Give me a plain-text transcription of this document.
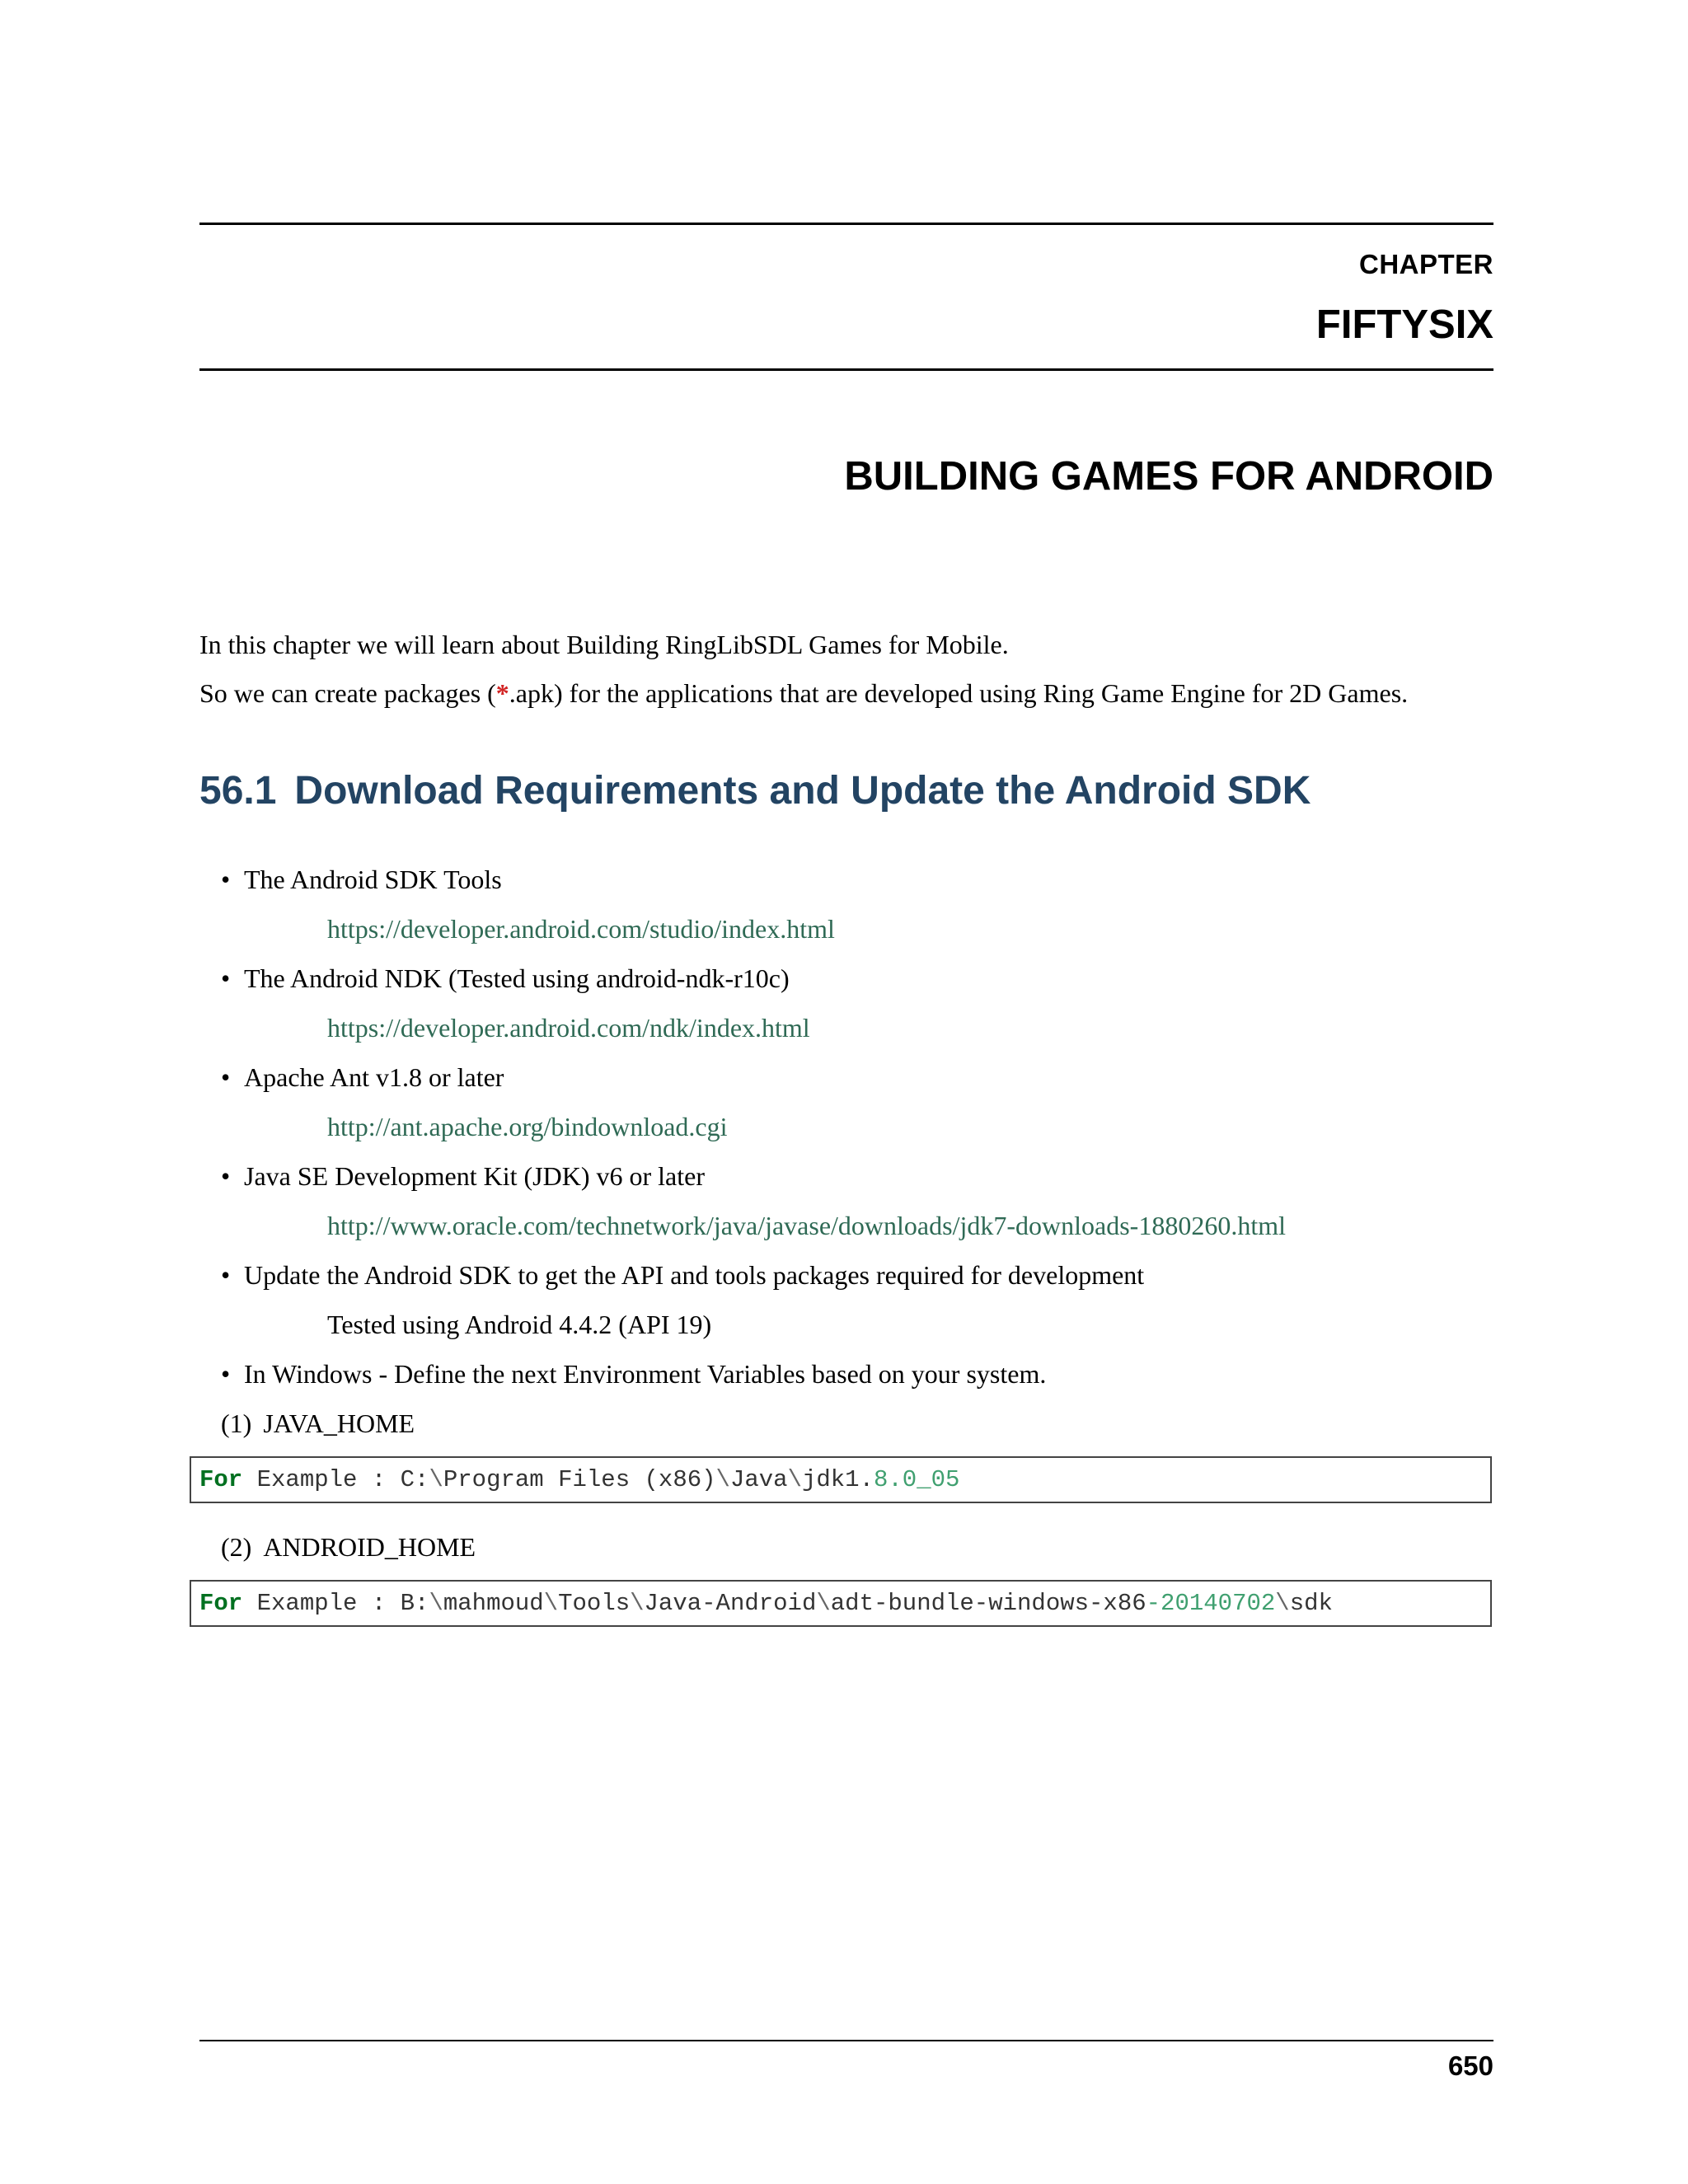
CHAPTER
FIFTYSIX
BUILDING GAMES FOR ANDROID

In this chapter we will learn about Building RingLibSDL Games for Mobile.

So we can create packages (*.apk) for the applications that are developed using Ring Game Engine for 2D Games.

56.1 Download Requirements and Update the Android SDK
• The Android SDK Tools
• The Android NDK (Tested using android-ndk-r10c)
• Apache Ant v1.8 or later
• Java SE Development Kit (JDK) v6 or later
• Update the Android SDK to get the API and tools packages required for development
• In Windows - Define the next Environment Variables based on your system.
https://developer.android.com/studio/index.html
https://developer.android.com/ndk/index.html
http://ant.apache.org/bindownload.cgi
http://www.oracle.com/technetwork/java/javase/downloads/jdk7-downloads-1880260.html
Tested using Android 4.4.2 (API 19)
(1) JAVA_HOME
For Example : C:\Program Files (x86)\Java\jdk1.8.0_05
(2) ANDROID_HOME
For Example : B:\mahmoud\Tools\Java-Android\adt-bundle-windows-x86-20140702\sdk
650
